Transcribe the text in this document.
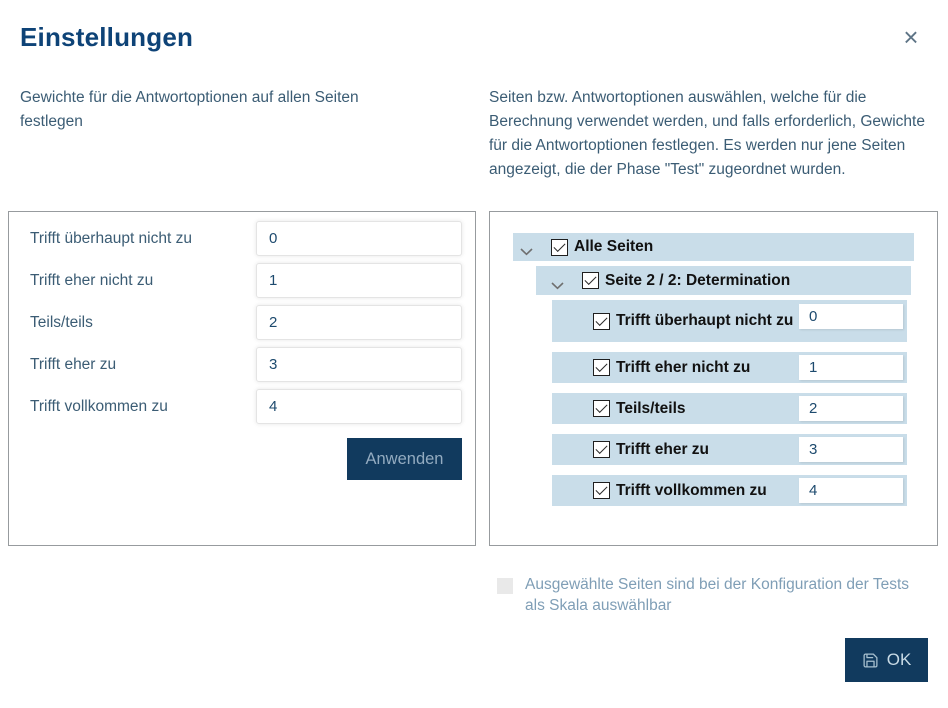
Einstellungen	×

Gewichte für die Antwortoptionen auf allen Seiten festlegen

Seiten bzw. Antwortoptionen auswählen, welche für die Berechnung verwendet werden, und falls erforderlich, Gewichte für die Antwortoptionen festlegen. Es werden nur jene Seiten angezeigt, die der Phase "Test" zugeordnet wurden.

Trifft überhaupt nicht zu
0
Trifft eher nicht zu
1
Teils/teils
2
Trifft eher zu
3
Trifft vollkommen zu
4
Anwenden
Alle Seiten
Seite 2 / 2: Determination
Trifft überhaupt nicht zu
0
Trifft eher nicht zu
1
Teils/teils
2
Trifft eher zu
3
Trifft vollkommen zu
4
Ausgewählte Seiten sind bei der Konfiguration der Tests als Skala auswählbar
OK
